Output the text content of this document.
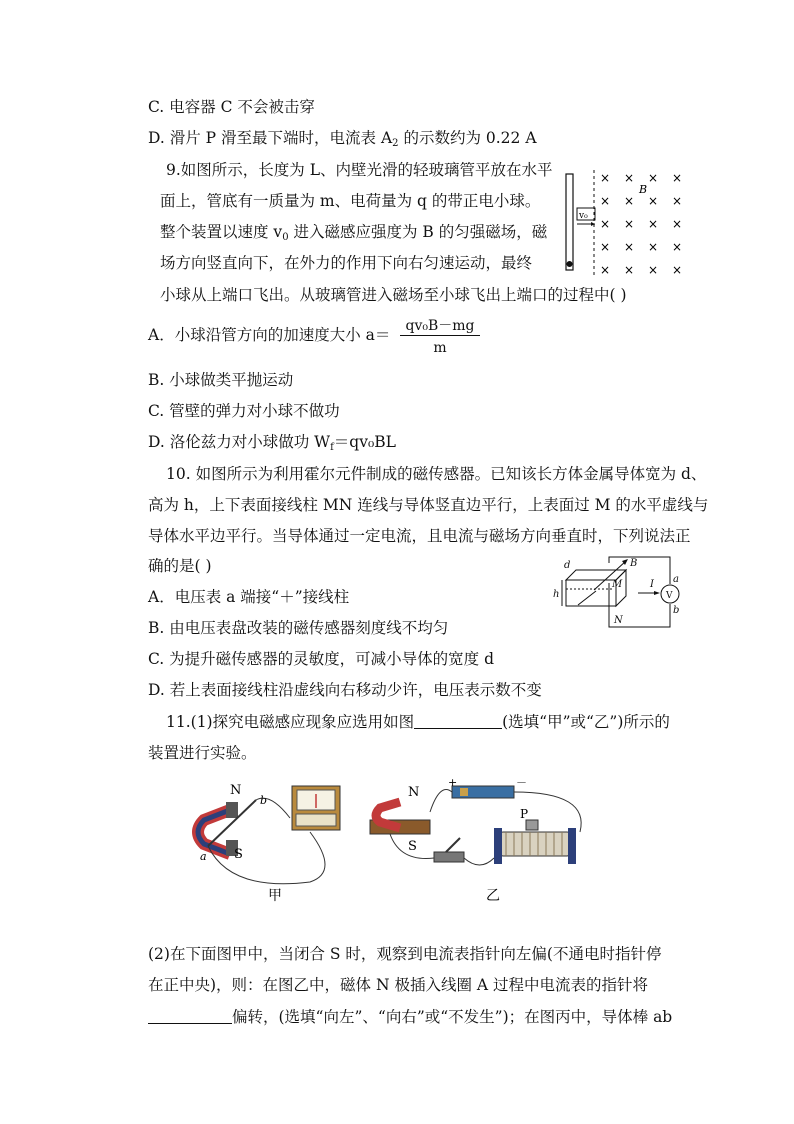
C. 电容器 C 不会被击穿
D. 滑片 P 滑至最下端时，电流表 $A_2$ 的示数约为 0.22 A
9.如图所示，长度为 L、内壁光滑的轻玻璃管平放在水平
面上，管底有一质量为 m、电荷量为 q 的带正电小球。
整个装置以速度 $v_0$ 进入磁感应强度为 B 的匀强磁场，磁
场方向竖直向下，在外力的作用下向右匀速运动，最终
小球从上端口飞出。从玻璃管进入磁场至小球飞出上端口的过程中( )
v₀
× × × ×
× × × ×
× × × ×
× × × ×
× × × ×
B
A．小球沿管方向的加速度大小 $a= \frac{\text{qv₀B－mg}}{m}$
B. 小球做类平抛运动
C. 管壁的弹力对小球不做功
D. 洛伦兹力对小球做功 $W_f=qv_0BL$
10. 如图所示为利用霍尔元件制成的磁传感器。已知该长方体金属导体宽为 d、
高为 h，上下表面接线柱 MN 连线与导体竖直边平行，上表面过 M 的水平虚线与
导体水平边平行。当导体通过一定电流，且电流与磁场方向垂直时，下列说法正
确的是( )	d
h
B
M
N
I a
b
V
A．电压表 a 端接“＋”接线柱
B. 由电压表盘改装的磁传感器刻度线不均匀
C. 为提升磁传感器的灵敏度，可减小导体的宽度 d
D. 若上表面接线柱沿虚线向右移动少许，电压表示数不变
11.(1)探究电磁感应现象应选用如图	(选填“甲”或“乙”)所示的
装置进行实验。
N
S
a
b
甲
+	－
N
S
P
乙
(2)在下面图甲中，当闭合 S 时，观察到电流表指针向左偏(不通电时指针停
在正中央)，则：在图乙中，磁体 N 极插入线圈 A 过程中电流表的指针将
偏转，(选填“向左”、“向右”或“不发生”)；在图丙中，导体棒 ab
